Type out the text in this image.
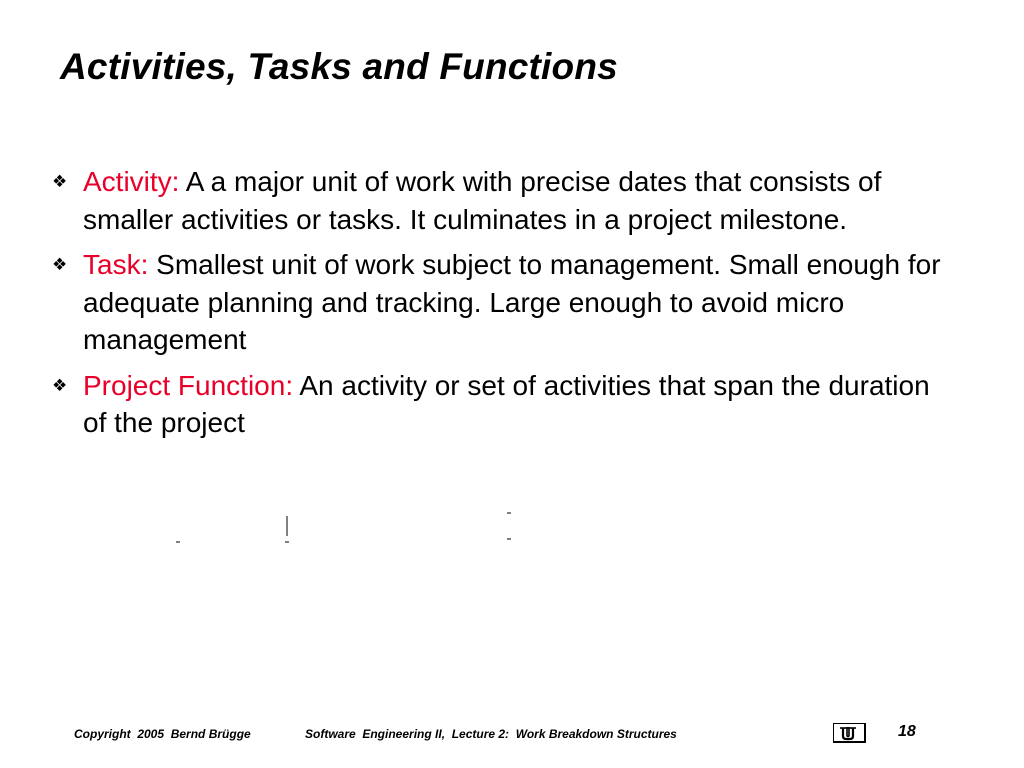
Activities, Tasks and Functions
❖ Activity: A a major unit of work with precise dates that consists of smaller activities or tasks. It culminates in a project milestone.
❖ Task: Smallest unit of work subject to management. Small enough for adequate planning and tracking. Large enough to avoid micro management
❖ Project Function: An activity or set of activities that span the duration of the project
Copyright  2005  Bernd Brügge	Software  Engineering II,  Lecture 2:  Work Breakdown Structures	18
